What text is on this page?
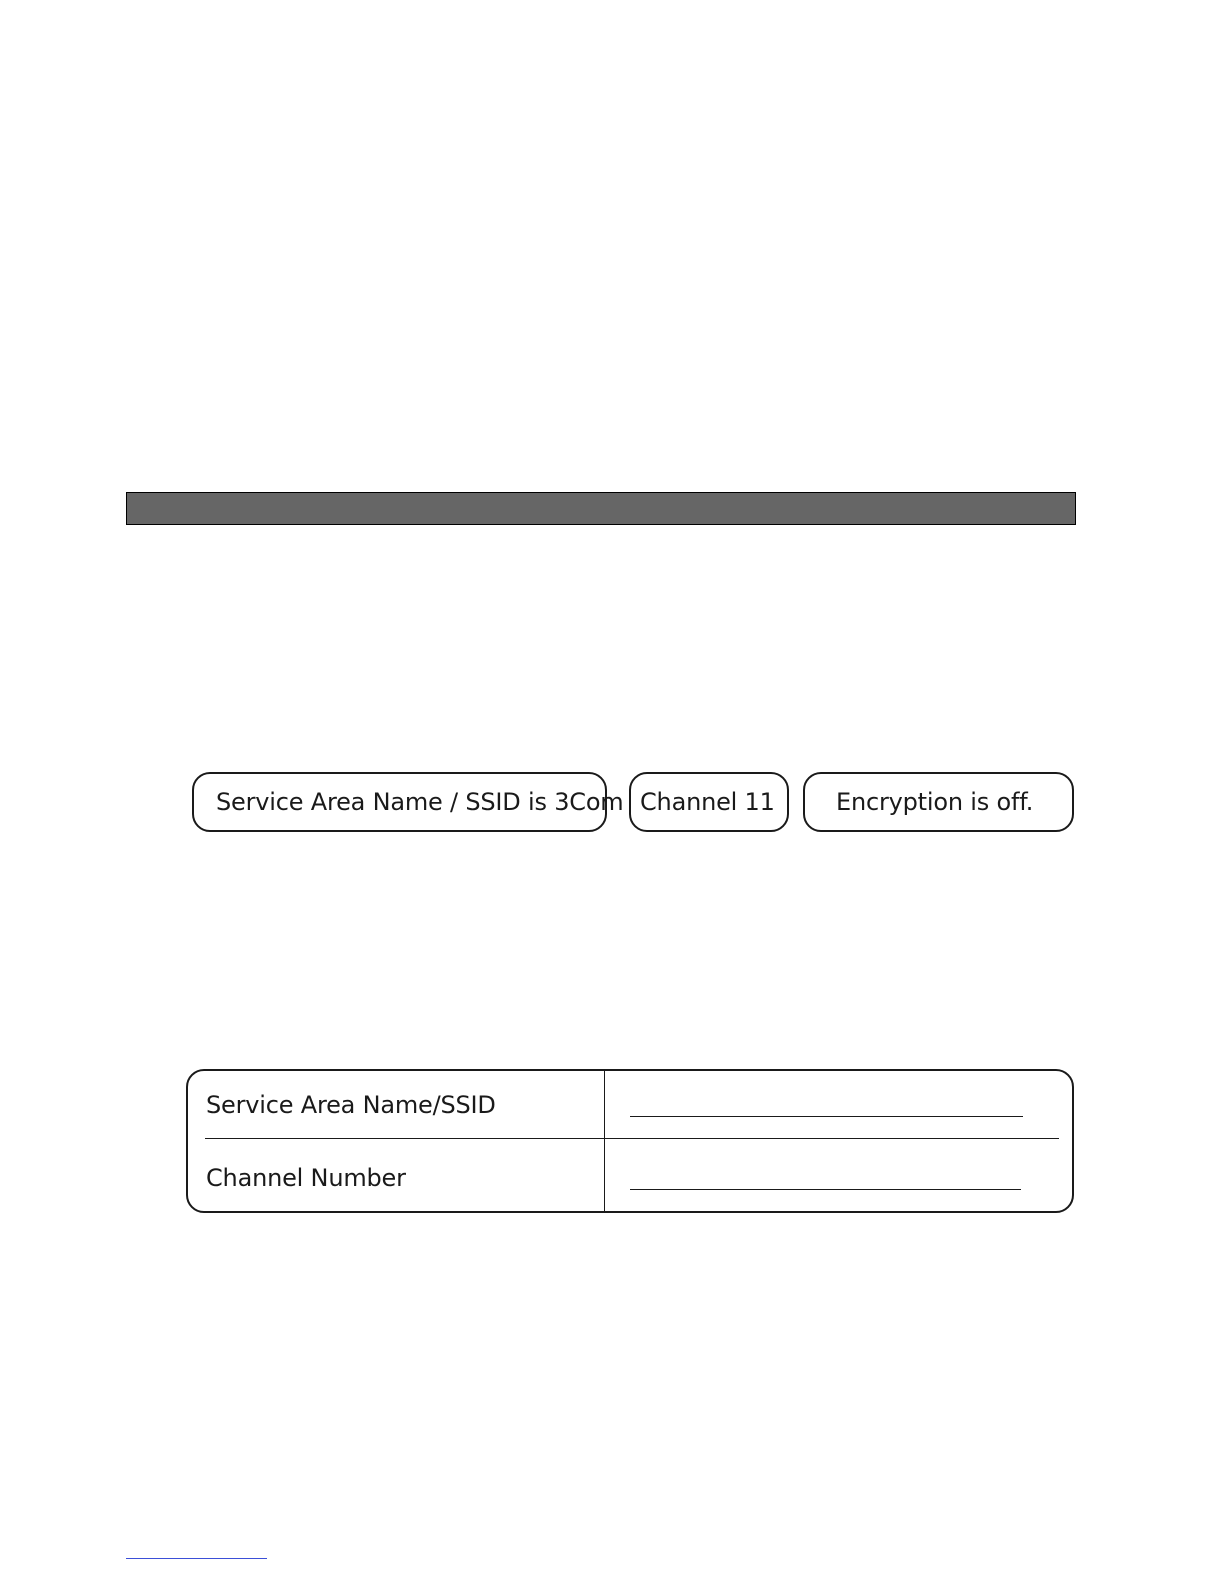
Service Area Name / SSID is 3Com Channel 11	Encryption is off.
Service Area Name/SSID
Channel Number
